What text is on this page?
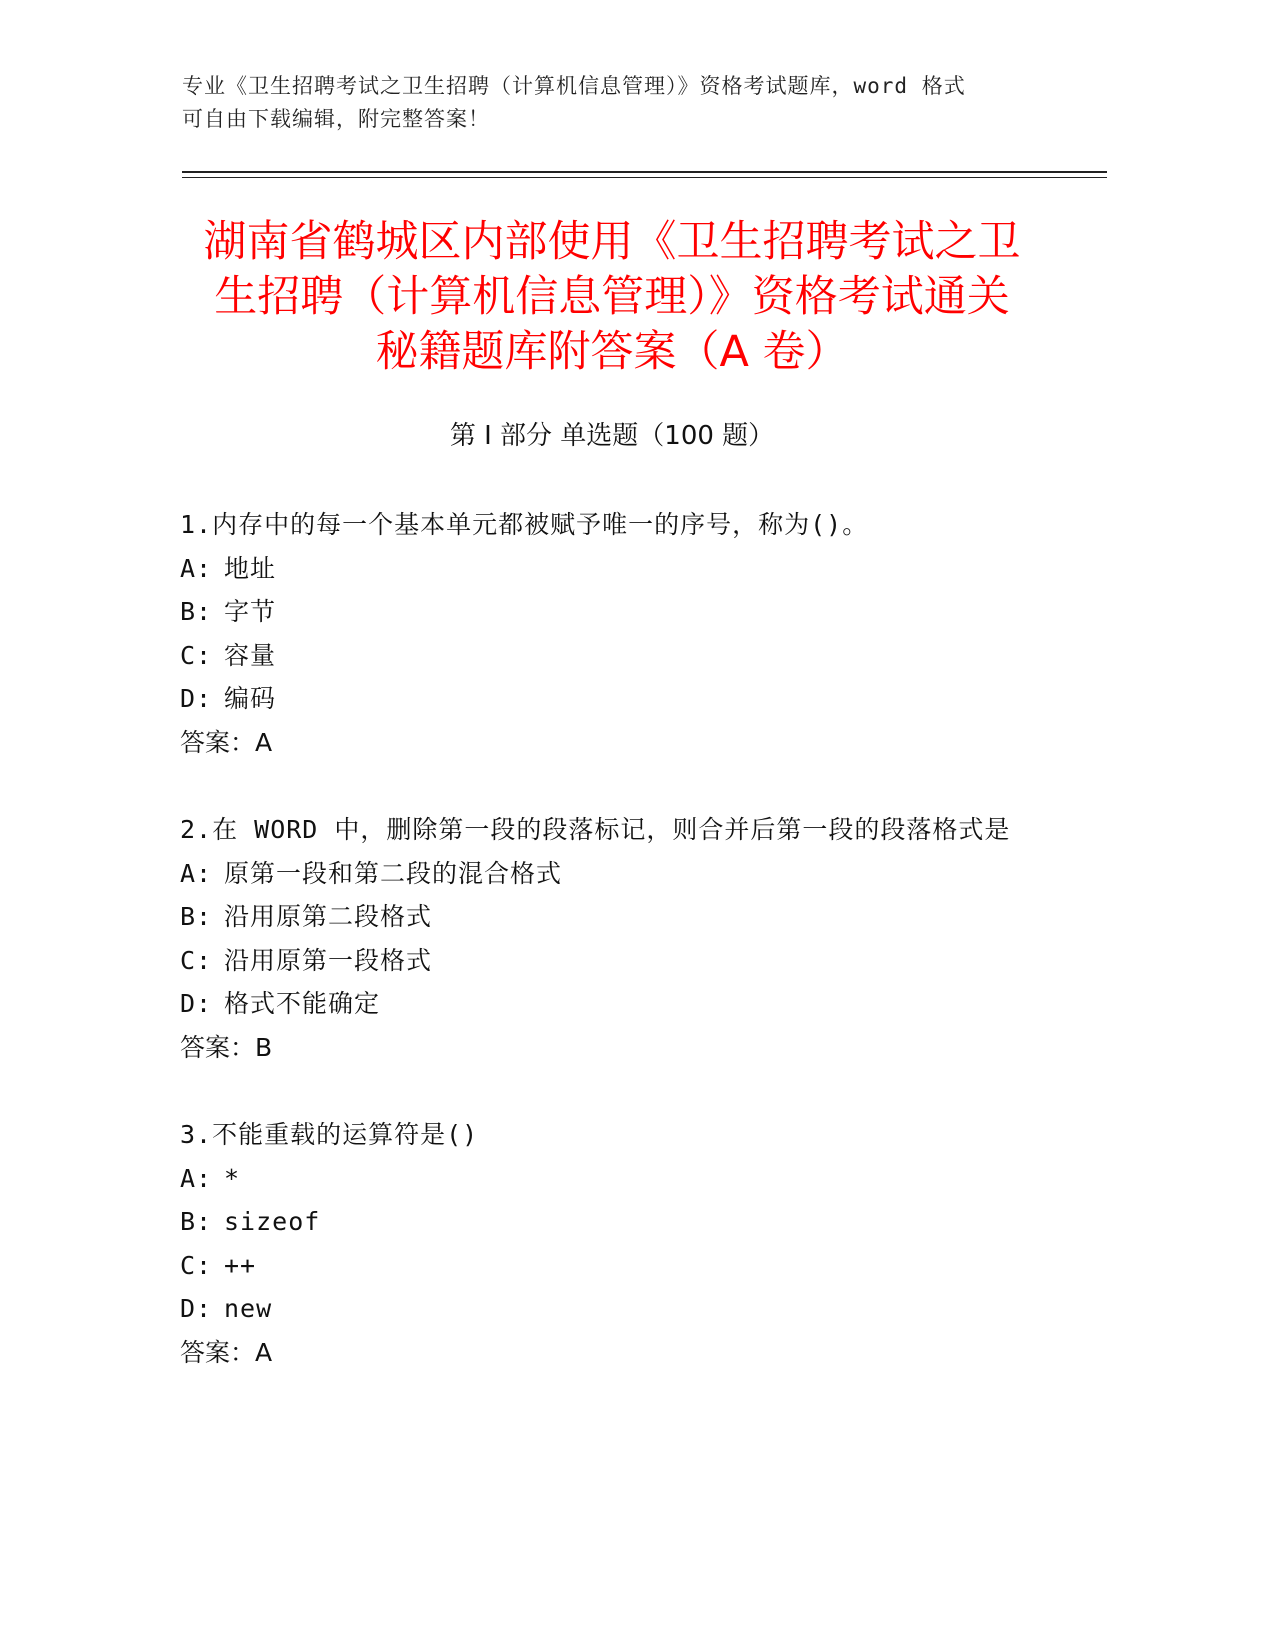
专业《卫生招聘考试之卫生招聘（计算机信息管理）》资格考试题库，word 格式
可自由下载编辑，附完整答案！
湖南省鹤城区内部使用《卫生招聘考试之卫
生招聘（计算机信息管理）》资格考试通关
秘籍题库附答案（A 卷）
第 I 部分 单选题（100 题）
1.内存中的每一个基本单元都被赋予唯一的序号，称为()。
A: 地址
B: 字节
C: 容量
D: 编码
答案：A
2.在 WORD 中，删除第一段的段落标记，则合并后第一段的段落格式是
A: 原第一段和第二段的混合格式
B: 沿用原第二段格式
C: 沿用原第一段格式
D: 格式不能确定
答案：B
3.不能重载的运算符是()
A: *
B: sizeof
C: ++
D: new
答案：A
